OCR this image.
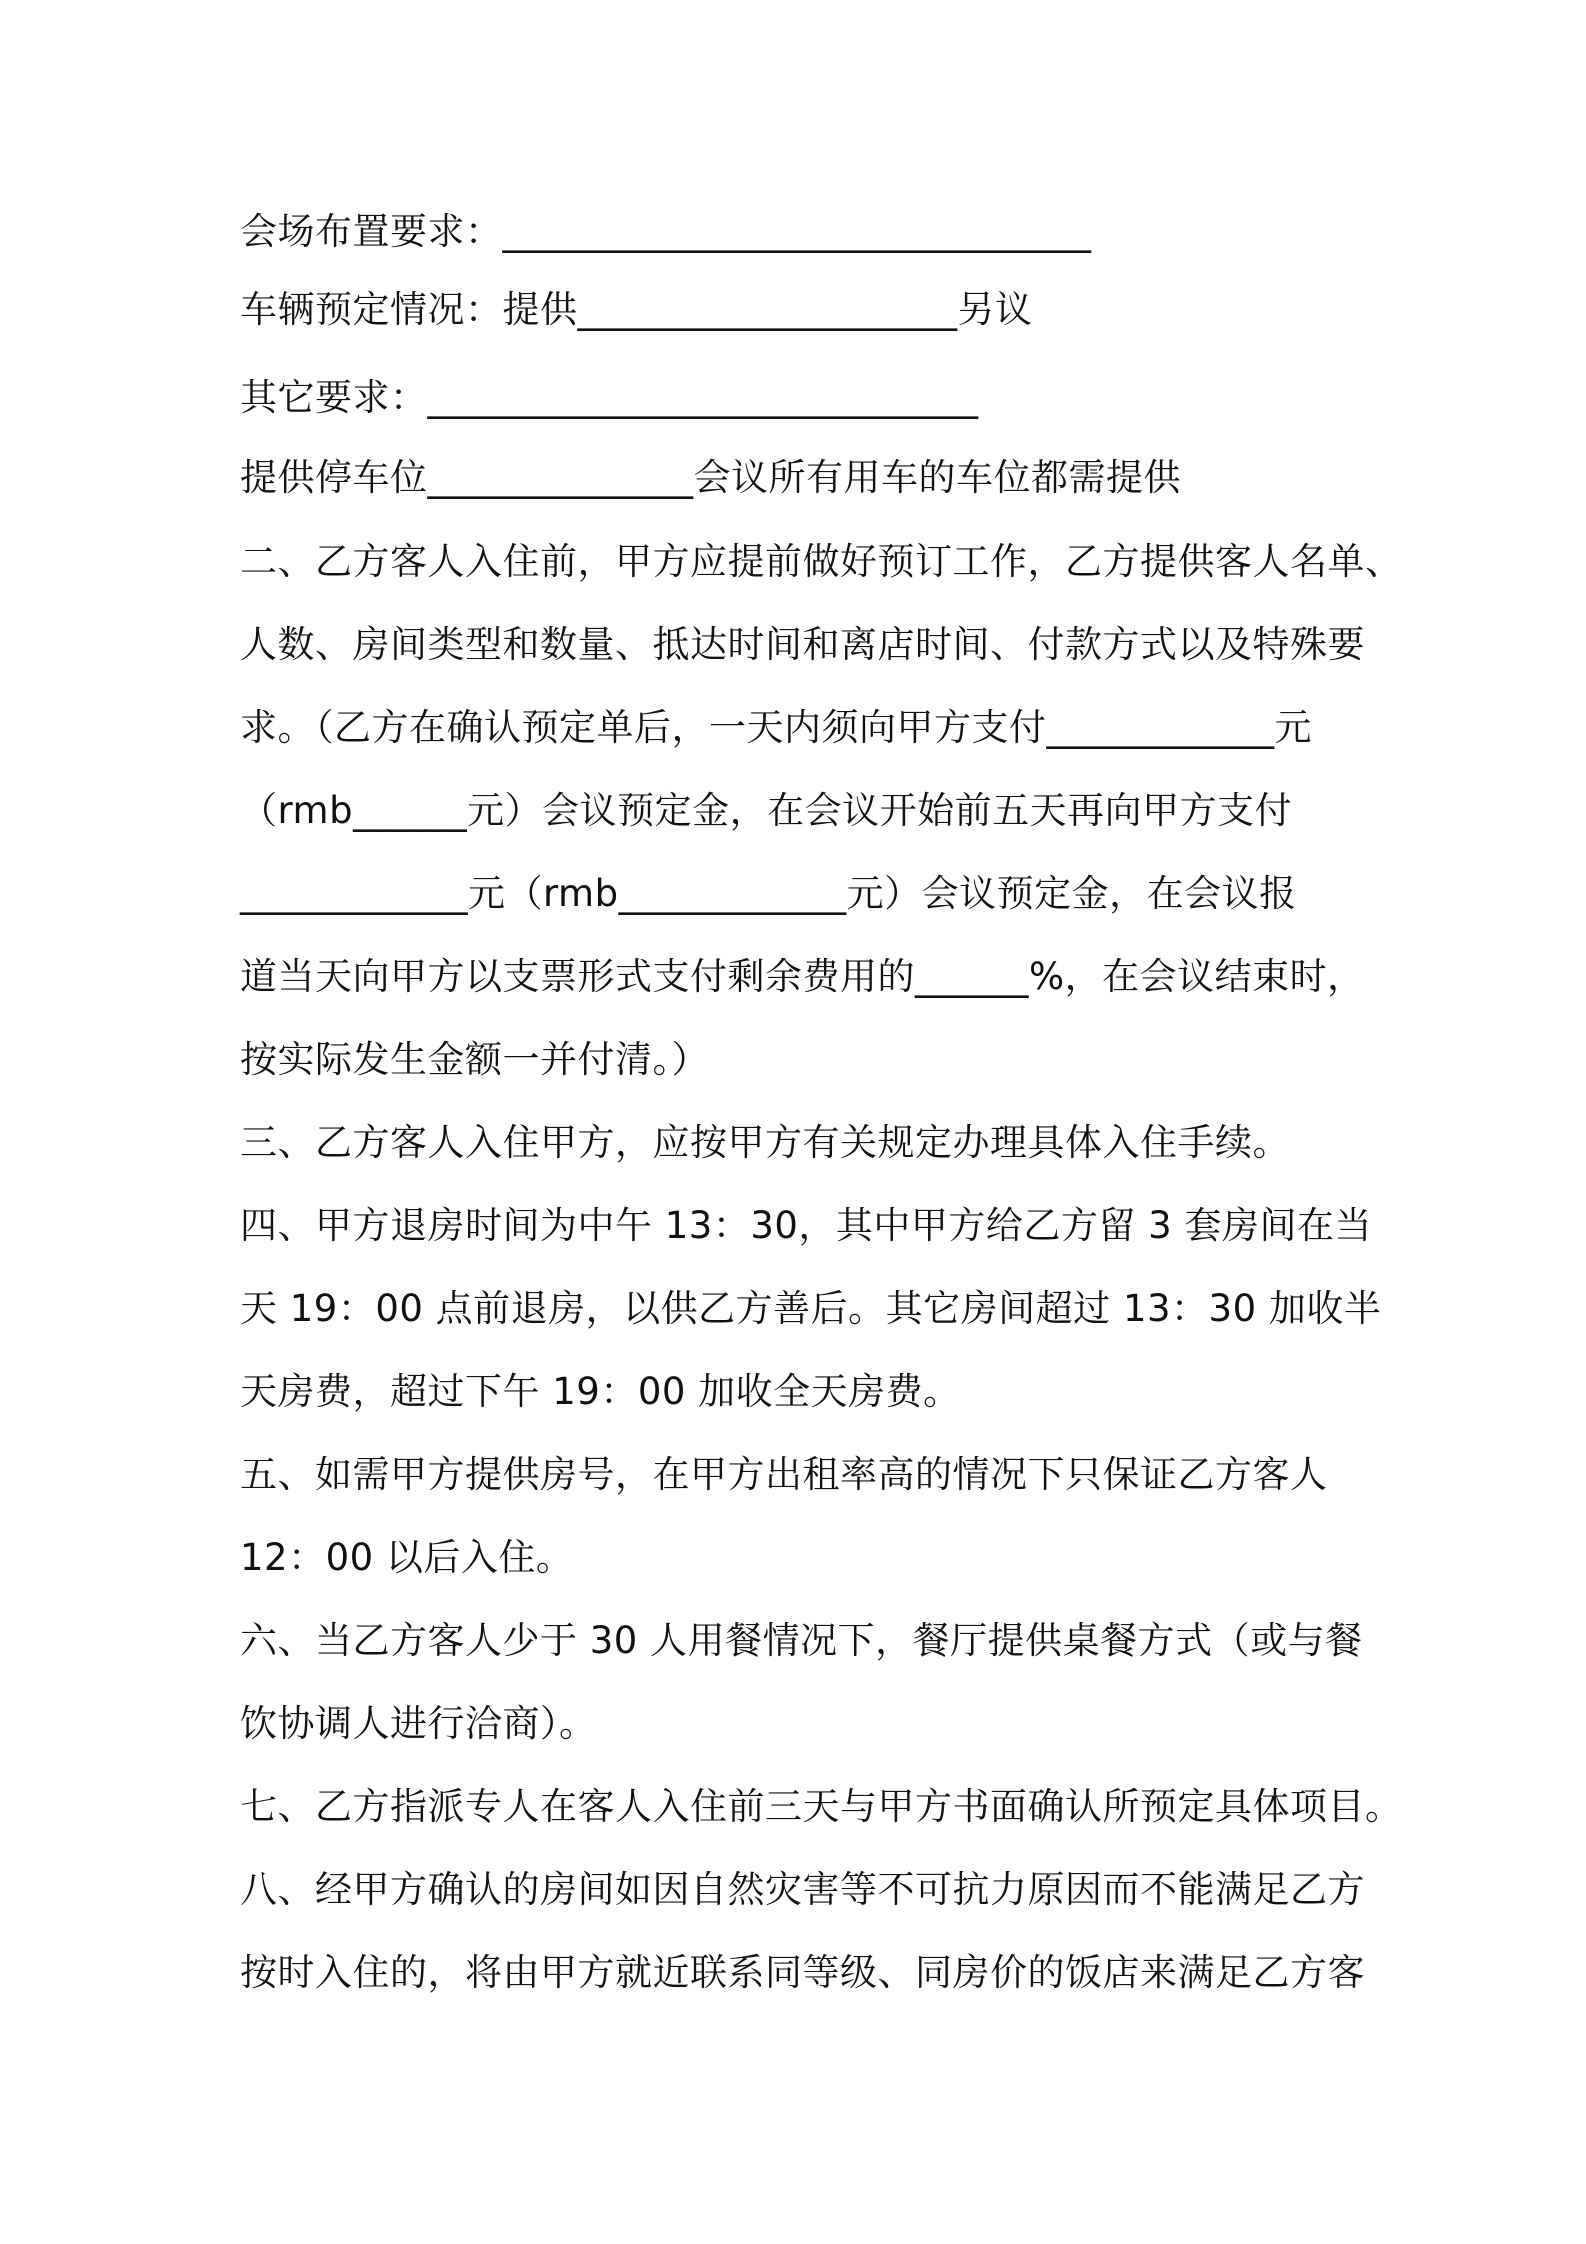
会场布置要求：_______________________________
车辆预定情况：提供____________________另议
其它要求：_____________________________
提供停车位______________会议所有用车的车位都需提供
二、乙方客人入住前，甲方应提前做好预订工作，乙方提供客人名单、
人数、房间类型和数量、抵达时间和离店时间、付款方式以及特殊要
求。（乙方在确认预定单后，一天内须向甲方支付____________元
（rmb______元）会议预定金，在会议开始前五天再向甲方支付
____________元（rmb____________元）会议预定金，在会议报
道当天向甲方以支票形式支付剩余费用的______%，在会议结束时，
按实际发生金额一并付清。）
三、乙方客人入住甲方，应按甲方有关规定办理具体入住手续。
四、甲方退房时间为中午 13：30，其中甲方给乙方留 3 套房间在当
天 19：00 点前退房，以供乙方善后。其它房间超过 13：30 加收半
天房费，超过下午 19：00 加收全天房费。
五、如需甲方提供房号，在甲方出租率高的情况下只保证乙方客人
12：00 以后入住。
六、当乙方客人少于 30 人用餐情况下，餐厅提供桌餐方式（或与餐
饮协调人进行洽商）。
七、乙方指派专人在客人入住前三天与甲方书面确认所预定具体项目。
八、经甲方确认的房间如因自然灾害等不可抗力原因而不能满足乙方
按时入住的，将由甲方就近联系同等级、同房价的饭店来满足乙方客
